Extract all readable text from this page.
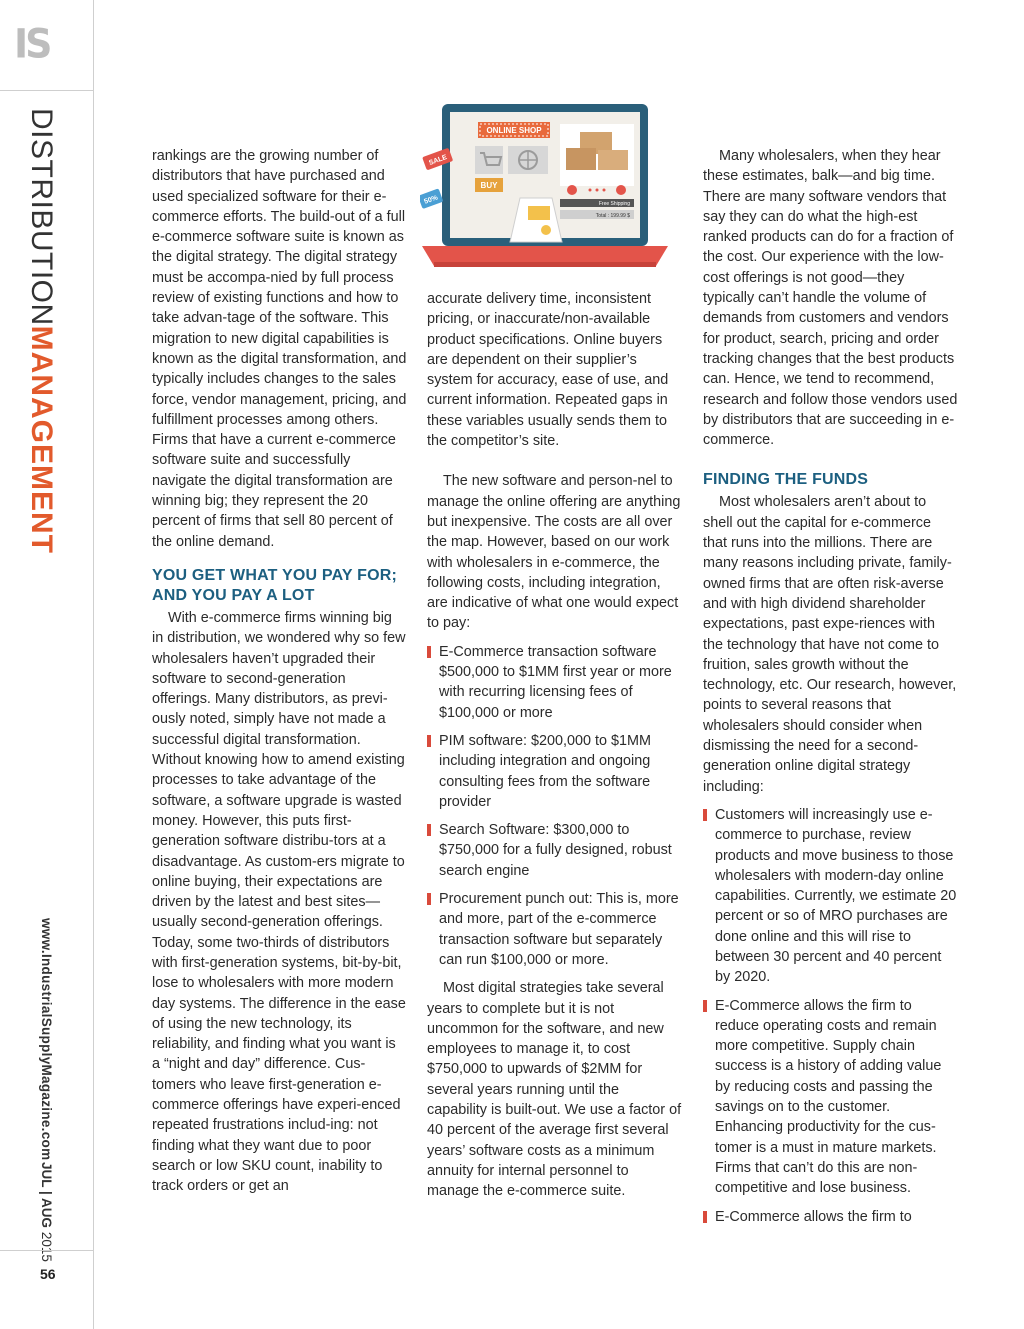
IS
DISTRIBUTIONMANAGEMENT
www.IndustrialSupplyMagazine.com
JUL | AUG 2015
56
ONLINE SHOP
BUY
Free Shipping
Total : 199.99 $
SALE
50%

rankings are the growing number of distributors that have purchased and used specialized software for their e-commerce efforts. The build-out of a full e-commerce software suite is known as the digital strategy. The digital strategy must be accompa-nied by full process review of existing functions and how to take advan-tage of the software. This migration to new digital capabilities is known as the digital transformation, and typically includes changes to the sales force, vendor management, pricing, and fulfillment processes among others. Firms that have a current e-commerce software suite and successfully navigate the digital transformation are winning big; they represent the 20 percent of firms that sell 80 percent of the online demand.

YOU GET WHAT YOU PAY FOR; AND YOU PAY A LOT

With e-commerce firms winning big in distribution, we wondered why so few wholesalers haven’t upgraded their software to second-generation offerings. Many distributors, as previ-ously noted, simply have not made a successful digital transformation. Without knowing how to amend existing processes to take advantage of the software, a software upgrade is wasted money. However, this puts first-generation software distribu-tors at a disadvantage. As custom-ers migrate to online buying, their expectations are driven by the latest and best sites—usually second-generation offerings. Today, some two-thirds of distributors with first-generation systems, bit-by-bit, lose to wholesalers with more modern day systems. The difference in the ease of using the new technology, its reliability, and finding what you want is a “night and day” difference. Cus-tomers who leave first-generation e-commerce offerings have experi-enced repeated frustrations includ-ing: not finding what they want due to poor search or low SKU count, inability to track orders or get an

accurate delivery time, inconsistent pricing, or inaccurate/non-available product specifications. Online buyers are dependent on their supplier’s system for accuracy, ease of use, and current information. Repeated gaps in these variables usually sends them to the competitor’s site.

The new software and person-nel to manage the online offering are anything but inexpensive. The costs are all over the map. However, based on our work with wholesalers in e-commerce, the following costs, including integration, are indicative of what one would expect to pay:

E-Commerce transaction software $500,000 to $1MM first year or more with recurring licensing fees of $100,000 or more
PIM software: $200,000 to $1MM including integration and ongoing consulting fees from the software provider
Search Software: $300,000 to $750,000 for a fully designed, robust search engine
Procurement punch out: This is, more and more, part of the e-commerce transaction software but separately can run $100,000 or more.

Most digital strategies take several years to complete but it is not uncommon for the software, and new employees to manage it, to cost $750,000 to upwards of $2MM for several years running until the capability is built-out. We use a factor of 40 percent of the average first several years’ software costs as a minimum annuity for internal personnel to manage the e-commerce suite.

Many wholesalers, when they hear these estimates, balk—and big time. There are many software vendors that say they can do what the high-est ranked products can do for a fraction of the cost. Our experience with the low-cost offerings is not good—they typically can’t handle the volume of demands from customers and vendors for product, search, pricing and order tracking changes that the best products can. Hence, we tend to recommend, research and follow those vendors used by distributors that are succeeding in e-commerce.

FINDING THE FUNDS

Most wholesalers aren’t about to shell out the capital for e-commerce that runs into the millions. There are many reasons including private, family-owned firms that are often risk-averse and with high dividend shareholder expectations, past expe-riences with the technology that have not come to fruition, sales growth without the technology, etc. Our research, however, points to several reasons that wholesalers should consider when dismissing the need for a second-generation online digital strategy including:

Customers will increasingly use e-commerce to purchase, review products and move business to those wholesalers with modern-day online capabilities. Currently, we estimate 20 percent or so of MRO purchases are done online and this will rise to between 30 percent and 40 percent by 2020.
E-Commerce allows the firm to reduce operating costs and remain more competitive. Supply chain success is a history of adding value by reducing costs and passing the savings on to the customer. Enhancing productivity for the cus-tomer is a must in mature markets. Firms that can’t do this are non-competitive and lose business.
E-Commerce allows the firm to
